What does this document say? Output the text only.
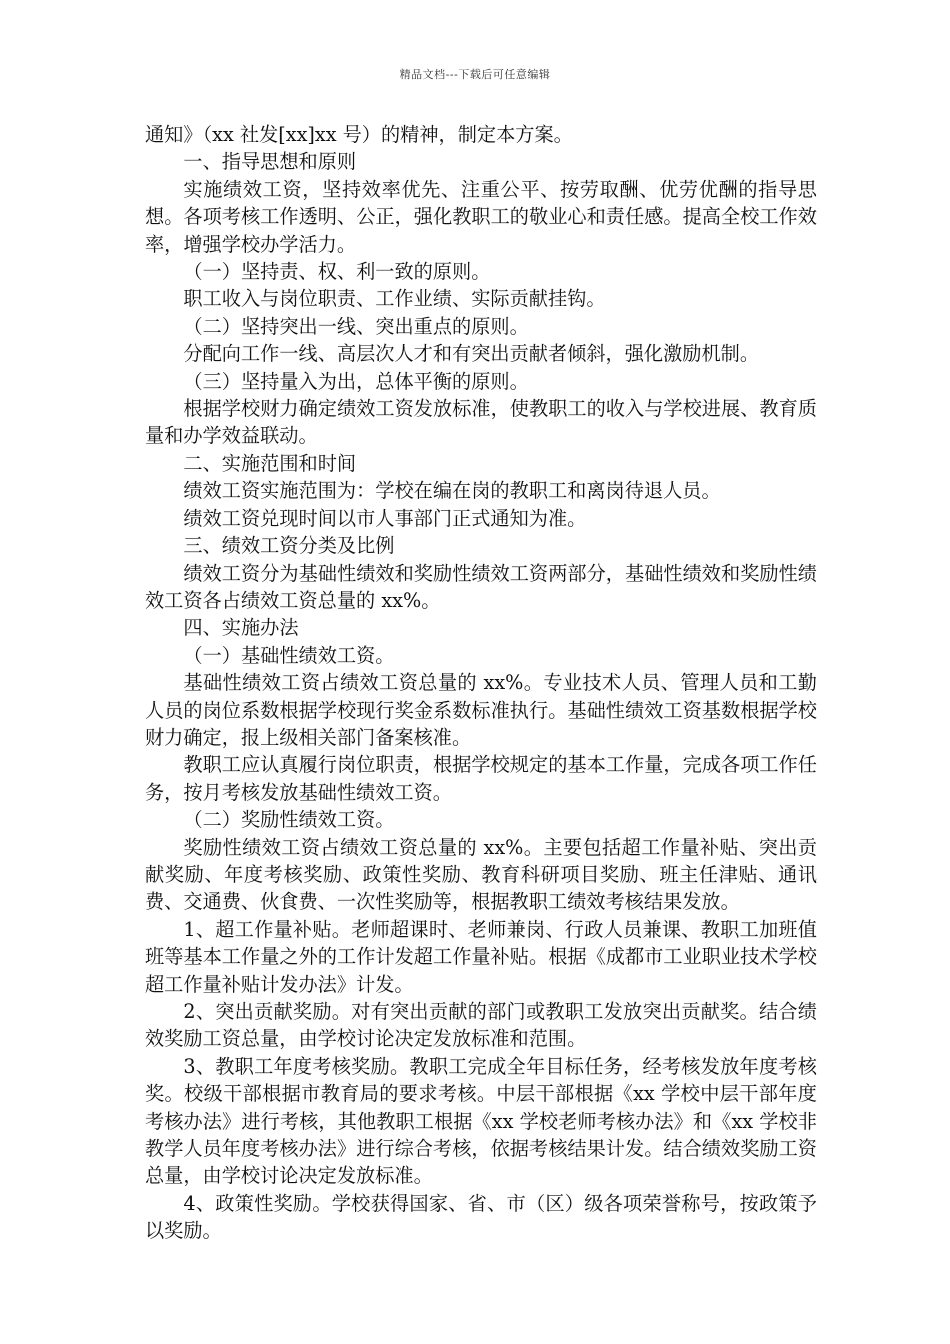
精品文档---下载后可任意编辑

通知》（xx 社发[xx]xx 号）的精神，制定本方案。

一、指导思想和原则

实施绩效工资，坚持效率优先、注重公平、按劳取酬、优劳优酬的指导思想。各项考核工作透明、公正，强化教职工的敬业心和责任感。提高全校工作效率，增强学校办学活力。

（一）坚持责、权、利一致的原则。

职工收入与岗位职责、工作业绩、实际贡献挂钩。

（二）坚持突出一线、突出重点的原则。

分配向工作一线、高层次人才和有突出贡献者倾斜，强化激励机制。

（三）坚持量入为出，总体平衡的原则。

根据学校财力确定绩效工资发放标准，使教职工的收入与学校进展、教育质量和办学效益联动。

二、实施范围和时间

绩效工资实施范围为：学校在编在岗的教职工和离岗待退人员。

绩效工资兑现时间以市人事部门正式通知为准。

三、绩效工资分类及比例

绩效工资分为基础性绩效和奖励性绩效工资两部分，基础性绩效和奖励性绩效工资各占绩效工资总量的 xx%。

四、实施办法

（一）基础性绩效工资。

基础性绩效工资占绩效工资总量的 xx%。专业技术人员、管理人员和工勤人员的岗位系数根据学校现行奖金系数标准执行。基础性绩效工资基数根据学校财力确定，报上级相关部门备案核准。

教职工应认真履行岗位职责，根据学校规定的基本工作量，完成各项工作任务，按月考核发放基础性绩效工资。

（二）奖励性绩效工资。

奖励性绩效工资占绩效工资总量的 xx%。主要包括超工作量补贴、突出贡献奖励、年度考核奖励、政策性奖励、教育科研项目奖励、班主任津贴、通讯费、交通费、伙食费、一次性奖励等，根据教职工绩效考核结果发放。

1、超工作量补贴。老师超课时、老师兼岗、行政人员兼课、教职工加班值班等基本工作量之外的工作计发超工作量补贴。根据《成都市工业职业技术学校超工作量补贴计发办法》计发。

2、突出贡献奖励。对有突出贡献的部门或教职工发放突出贡献奖。结合绩效奖励工资总量，由学校讨论决定发放标准和范围。

3、教职工年度考核奖励。教职工完成全年目标任务，经考核发放年度考核奖。校级干部根据市教育局的要求考核。中层干部根据《xx 学校中层干部年度考核办法》进行考核，其他教职工根据《xx 学校老师考核办法》和《xx 学校非教学人员年度考核办法》进行综合考核，依据考核结果计发。结合绩效奖励工资总量，由学校讨论决定发放标准。

4、政策性奖励。学校获得国家、省、市（区）级各项荣誉称号，按政策予以奖励。
